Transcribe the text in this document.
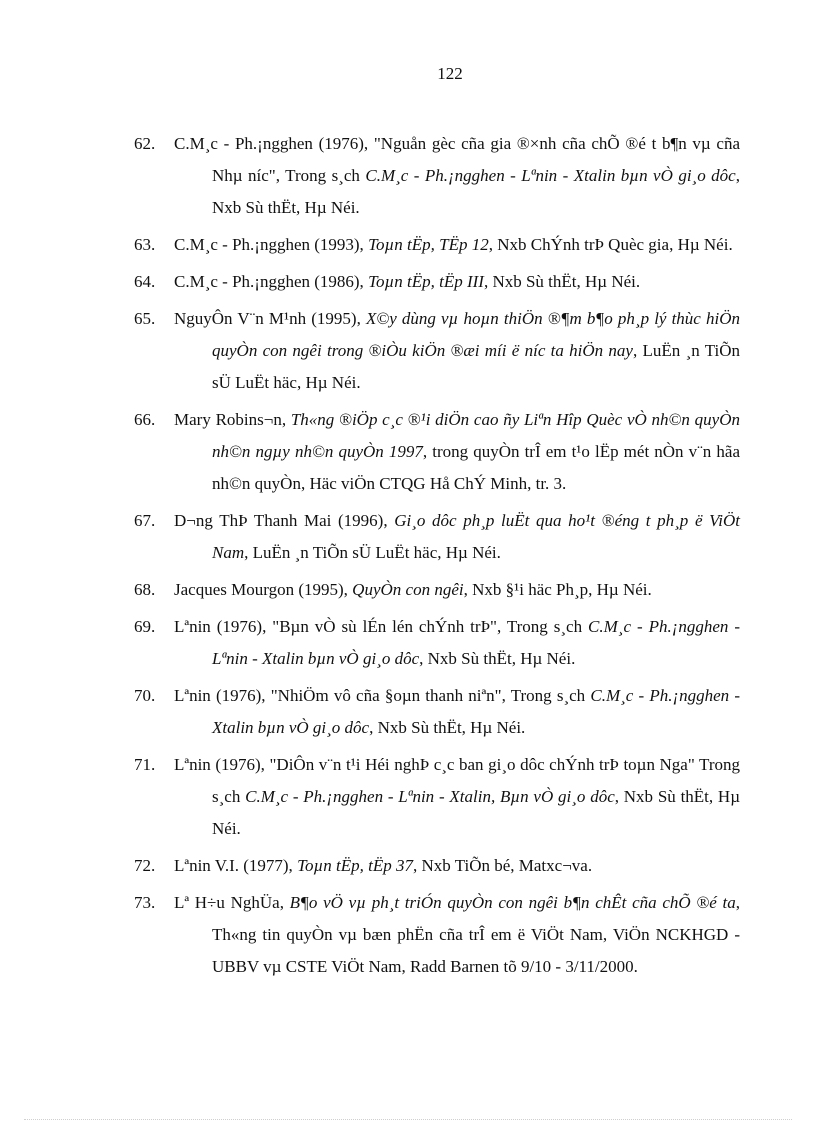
122
62.	C.M¸c - Ph.¡ngghen (1976), "Nguån gèc cña gia ®×nh cña chÕ ®é t b¶n vµ cña Nhµ níc", Trong s¸ch C.M¸c - Ph.¡ngghen - Lªnin - Xtalin bµn vÒ gi¸o dôc, Nxb Sù thËt, Hµ Néi.
63.	C.M¸c - Ph.¡ngghen (1993), Toµn tËp, TËp 12, Nxb ChÝnh trÞ Quèc gia, Hµ Néi.
64.	C.M¸c - Ph.¡ngghen (1986), Toµn tËp, tËp III, Nxb Sù thËt, Hµ Néi.
65.	NguyÔn V¨n M¹nh (1995), X©y dùng vµ hoµn thiÖn ®¶m b¶o ph¸p lý thùc hiÖn quyÒn con ngêi trong ®iÒu kiÖn ®æi míi ë níc ta hiÖn nay, LuËn ¸n TiÕn sÜ LuËt häc, Hµ Néi.
66.	Mary Robins¬n, Th«ng ®iÖp c¸c ®¹i diÖn cao ñy Liªn Hîp Quèc vÒ nh©n quyÒn nh©n ngµy nh©n quyÒn 1997, trong quyÒn trÎ em t¹o lËp mét nÒn v¨n hãa nh©n quyÒn, Häc viÖn CTQG Hå ChÝ Minh, tr. 3.
67.	D¬ng ThÞ Thanh Mai (1996), Gi¸o dôc ph¸p luËt qua ho¹t ®éng t ph¸p ë ViÖt Nam, LuËn ¸n TiÕn sÜ LuËt häc, Hµ Néi.
68.	Jacques Mourgon (1995), QuyÒn con ngêi, Nxb §¹i häc Ph¸p, Hµ Néi.
69.	Lªnin (1976), "Bµn vÒ sù lÉn lén chÝnh trÞ", Trong s¸ch C.M¸c - Ph.¡ngghen - Lªnin - Xtalin bµn vÒ gi¸o dôc, Nxb Sù thËt, Hµ Néi.
70.	Lªnin (1976), "NhiÖm vô cña §oµn thanh niªn", Trong s¸ch C.M¸c - Ph.¡ngghen - Xtalin bµn vÒ gi¸o dôc, Nxb Sù thËt, Hµ Néi.
71.	Lªnin (1976), "DiÔn v¨n t¹i Héi nghÞ c¸c ban gi¸o dôc chÝnh trÞ toµn Nga" Trong s¸ch C.M¸c - Ph.¡ngghen - Lªnin - Xtalin, Bµn vÒ gi¸o dôc, Nxb Sù thËt, Hµ Néi.
72.	Lªnin V.I. (1977), Toµn tËp, tËp 37, Nxb TiÕn bé, Matxc¬va.
73.	Lª H÷u NghÜa, B¶o vÖ vµ ph¸t triÓn quyÒn con ngêi b¶n chÊt cña chÕ ®é ta, Th«ng tin quyÒn vµ bæn phËn cña trÎ em ë ViÖt Nam, ViÖn NCKHGD - UBBV vµ CSTE ViÖt Nam, Radd Barnen tõ 9/10 - 3/11/2000.
